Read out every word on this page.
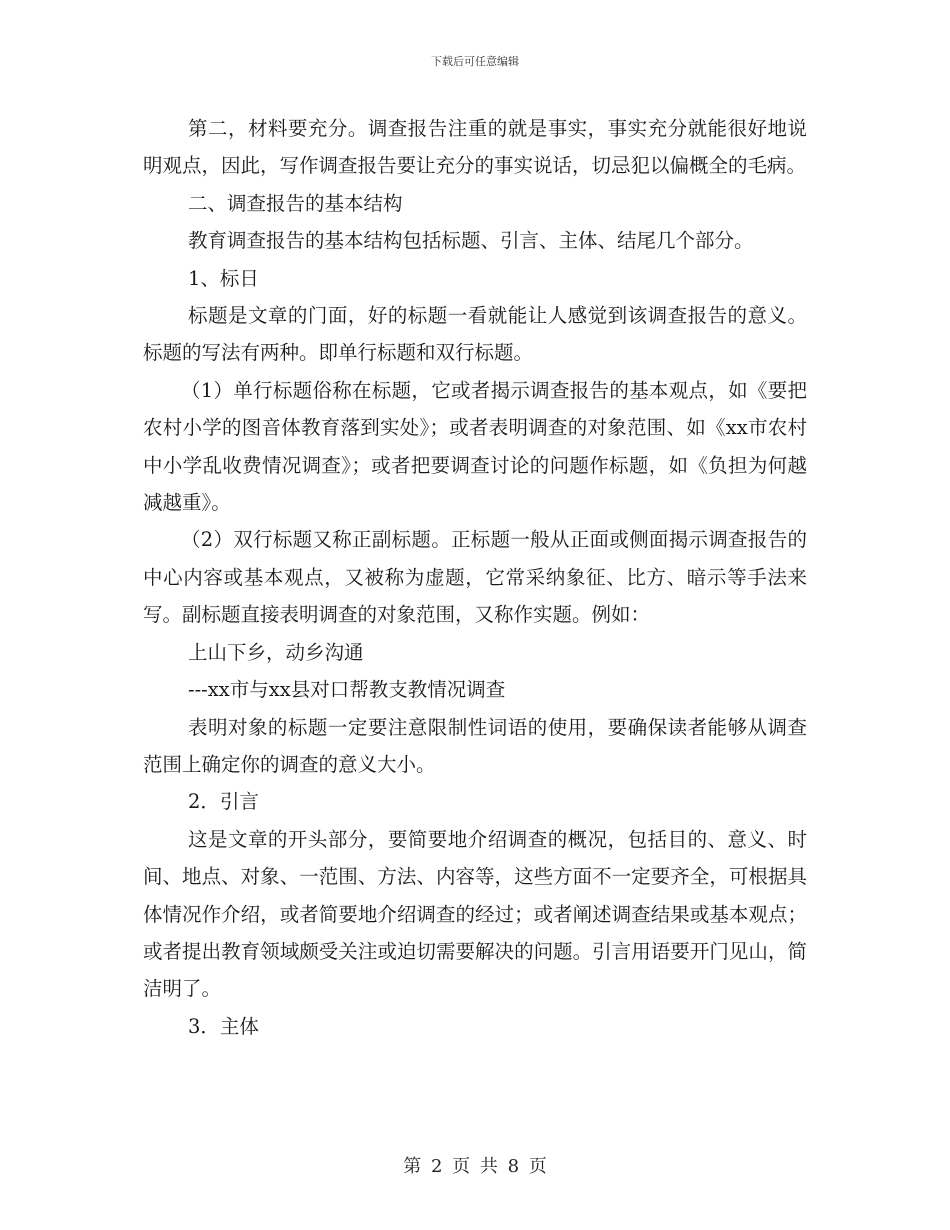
下载后可任意编辑

第二，材料要充分。调查报告注重的就是事实，事实充分就能很好地说明观点，因此，写作调查报告要让充分的事实说话，切忌犯以偏概全的毛病。

二、调查报告的基本结构

教育调查报告的基本结构包括标题、引言、主体、结尾几个部分。

1、标日

标题是文章的门面，好的标题一看就能让人感觉到该调查报告的意义。标题的写法有两种。即单行标题和双行标题。

（1）单行标题俗称在标题，它或者揭示调查报告的基本观点，如《要把农村小学的图音体教育落到实处》；或者表明调查的对象范围、如《xx市农村中小学乱收费情况调查》；或者把要调查讨论的问题作标题，如《负担为何越减越重》。

（2）双行标题又称正副标题。正标题一般从正面或侧面揭示调查报告的中心内容或基本观点，又被称为虚题，它常采纳象征、比方、暗示等手法来写。副标题直接表明调查的对象范围，又称作实题。例如：

上山下乡，动乡沟通

---xx市与xx县对口帮教支教情况调查

表明对象的标题一定要注意限制性词语的使用，要确保读者能够从调查范围上确定你的调查的意义大小。

2．引言

这是文章的开头部分，要简要地介绍调查的概况，包括目的、意义、时间、地点、对象、一范围、方法、内容等，这些方面不一定要齐全，可根据具体情况作介绍，或者简要地介绍调查的经过；或者阐述调查结果或基本观点；或者提出教育领域颇受关注或迫切需要解决的问题。引言用语要开门见山，简洁明了。

3．主体

第 2 页 共 8 页
